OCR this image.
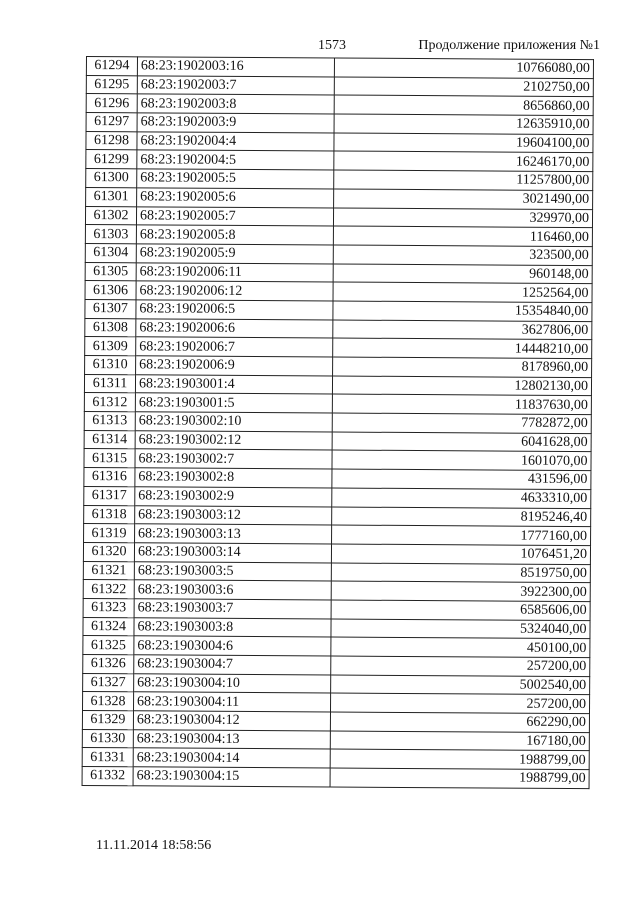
1573	Продолжение приложения №1
61294	68:23:1902003:16	10766080,00
61295	68:23:1902003:7	2102750,00
61296	68:23:1902003:8	8656860,00
61297	68:23:1902003:9	12635910,00
61298	68:23:1902004:4	19604100,00
61299	68:23:1902004:5	16246170,00
61300	68:23:1902005:5	11257800,00
61301	68:23:1902005:6	3021490,00
61302	68:23:1902005:7	329970,00
61303	68:23:1902005:8	116460,00
61304	68:23:1902005:9	323500,00
61305	68:23:1902006:11	960148,00
61306	68:23:1902006:12	1252564,00
61307	68:23:1902006:5	15354840,00
61308	68:23:1902006:6	3627806,00
61309	68:23:1902006:7	14448210,00
61310	68:23:1902006:9	8178960,00
61311	68:23:1903001:4	12802130,00
61312	68:23:1903001:5	11837630,00
61313	68:23:1903002:10	7782872,00
61314	68:23:1903002:12	6041628,00
61315	68:23:1903002:7	1601070,00
61316	68:23:1903002:8	431596,00
61317	68:23:1903002:9	4633310,00
61318	68:23:1903003:12	8195246,40
61319	68:23:1903003:13	1777160,00
61320	68:23:1903003:14	1076451,20
61321	68:23:1903003:5	8519750,00
61322	68:23:1903003:6	3922300,00
61323	68:23:1903003:7	6585606,00
61324	68:23:1903003:8	5324040,00
61325	68:23:1903004:6	450100,00
61326	68:23:1903004:7	257200,00
61327	68:23:1903004:10	5002540,00
61328	68:23:1903004:11	257200,00
61329	68:23:1903004:12	662290,00
61330	68:23:1903004:13	167180,00
61331	68:23:1903004:14	1988799,00
61332	68:23:1903004:15	1988799,00
11.11.2014 18:58:56
